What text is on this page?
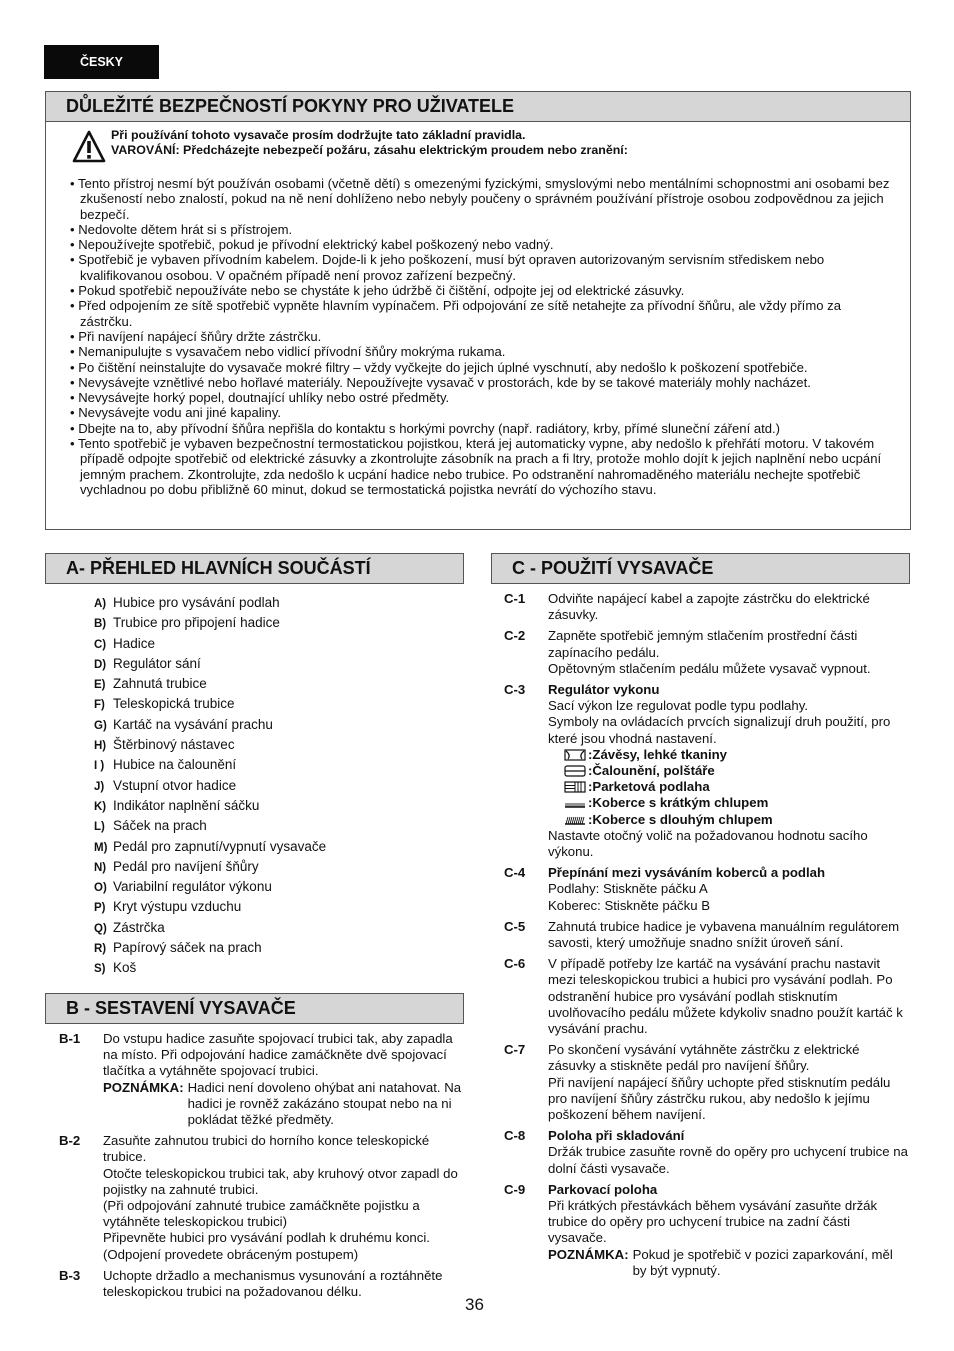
ČESKY
DŮLEŽITÉ BEZPEČNOSTÍ POKYNY PRO UŽIVATELE
Při používání tohoto vysavače prosím dodržujte tato základní pravidla.
VAROVÁNÍ: Předcházejte nebezpečí požáru, zásahu elektrickým proudem nebo zranění:
• Tento přístroj nesmí být používán osobami (včetně dětí) s omezenými fyzickými, smyslovými nebo mentálními schopnostmi ani osobami bez zkušeností nebo znalostí, pokud na ně není dohlíženo nebo nebyly poučeny o správném používání přístroje osobou zodpovědnou za jejich bezpečí.
• Nedovolte dětem hrát si s přístrojem.
• Nepoužívejte spotřebič, pokud je přívodní elektrický kabel poškozený nebo vadný.
• Spotřebič je vybaven přívodním kabelem. Dojde-li k jeho poškození, musí být opraven autorizovaným servisním střediskem nebo kvalifikovanou osobou. V opačném případě není provoz zařízení bezpečný.
• Pokud spotřebič nepoužíváte nebo se chystáte k jeho údržbě či čištění, odpojte jej od elektrické zásuvky.
• Před odpojením ze sítě spotřebič vypněte hlavním vypínačem. Při odpojování ze sítě netahejte za přívodní šňůru, ale vždy přímo za zástrčku.
• Při navíjení napájecí šňůry držte zástrčku.
• Nemanipulujte s vysavačem nebo vidlicí přívodní šňůry mokrýma rukama.
• Po čištění neinstalujte do vysavače mokré filtry – vždy vyčkejte do jejich úplné vyschnutí, aby nedošlo k poškození spotřebiče.
• Nevysávejte vznětlivé nebo hořlavé materiály. Nepoužívejte vysavač v prostorách, kde by se takové materiály mohly nacházet.
• Nevysávejte horký popel, doutnající uhlíky nebo ostré předměty.
• Nevysávejte vodu ani jiné kapaliny.
• Dbejte na to, aby přívodní šňůra nepřišla do kontaktu s horkými povrchy (např. radiátory, krby, přímé sluneční záření atd.)
• Tento spotřebič je vybaven bezpečnostní termostatickou pojistkou, která jej automaticky vypne, aby nedošlo k přehřátí motoru. V takovém případě odpojte spotřebič od elektrické zásuvky a zkontrolujte zásobník na prach a fi ltry, protože mohlo dojít k jejich naplnění nebo ucpání jemným prachem. Zkontrolujte, zda nedošlo k ucpání hadice nebo trubice. Po odstranění nahromaděného materiálu nechejte spotřebič vychladnou po dobu přibližně 60 minut, dokud se termostatická pojistka nevrátí do výchozího stavu.
A- PŘEHLED HLAVNÍCH SOUČÁSTÍ
A) Hubice pro vysávání podlah
B) Trubice pro připojení hadice
C) Hadice
D) Regulátor sání
E) Zahnutá trubice
F) Teleskopická trubice
G) Kartáč na vysávání prachu
H) Štěrbinový nástavec
I ) Hubice na čalounění
J) Vstupní otvor hadice
K) Indikátor naplnění sáčku
L) Sáček na prach
M) Pedál pro zapnutí/vypnutí vysavače
N) Pedál pro navíjení šňůry
O) Variabilní regulátor výkonu
P) Kryt výstupu vzduchu
Q) Zástrčka
R) Papírový sáček na prach
S) Koš
B - SESTAVENÍ VYSAVAČE
B-1	Do vstupu hadice zasuňte spojovací trubici tak, aby zapadla na místo. Při odpojování hadice zamáčkněte dvě spojovací tlačítka a vytáhněte spojovací trubici.
POZNÁMKA: Hadici není dovoleno ohýbat ani natahovat. Na hadici je rovněž zakázáno stoupat nebo na ni pokládat těžké předměty.
B-2	Zasuňte zahnutou trubici do horního konce teleskopické trubice.
Otočte teleskopickou trubici tak, aby kruhový otvor zapadl do pojistky na zahnuté trubici.
(Při odpojování zahnuté trubice zamáčkněte pojistku a vytáhněte teleskopickou trubici)
Připevněte hubici pro vysávání podlah k druhému konci. (Odpojení provedete obráceným postupem)
B-3	Uchopte držadlo a mechanismus vysunování a roztáhněte teleskopickou trubici na požadovanou délku.
C - POUŽITÍ VYSAVAČE
C-1	Odviňte napájecí kabel a zapojte zástrčku do elektrické zásuvky.
C-2	Zapněte spotřebič jemným stlačením prostřední části zapínacího pedálu.
Opětovným stlačením pedálu můžete vysavač vypnout.
C-3	Regulátor vykonu
Sací výkon lze regulovat podle typu podlahy.
Symboly na ovládacích prvcích signalizují druh použití, pro které jsou vhodná nastavení.
:Závěsy, lehké tkaniny
:Čalounění, polštáře
:Parketová podlaha
:Koberce s krátkým chlupem
:Koberce s dlouhým chlupem
Nastavte otočný volič na požadovanou hodnotu sacího výkonu.
C-4	Přepínání mezi vysáváním koberců a podlah
Podlahy: Stiskněte páčku A
Koberec: Stiskněte páčku B
C-5	Zahnutá trubice hadice je vybavena manuálním regulátorem savosti, který umožňuje snadno snížit úroveň sání.
C-6	V případě potřeby lze kartáč na vysávání prachu nastavit mezi teleskopickou trubici a hubici pro vysávání podlah. Po odstranění hubice pro vysávání podlah stisknutím uvolňovacího pedálu můžete kdykoliv snadno použít kartáč k vysávání prachu.
C-7	Po skončení vysávání vytáhněte zástrčku z elektrické zásuvky a stiskněte pedál pro navíjení šňůry.
Při navíjení napájecí šňůry uchopte před stisknutím pedálu pro navíjení šňůry zástrčku rukou, aby nedošlo k jejímu poškození během navíjení.
C-8	Poloha při skladování
Držák trubice zasuňte rovně do opěry pro uchycení trubice na dolní části vysavače.
C-9	Parkovací poloha
Při krátkých přestávkách během vysávání zasuňte držák trubice do opěry pro uchycení trubice na zadní části vysavače.
POZNÁMKA: Pokud je spotřebič v pozici zaparkování, měl by být vypnutý.
36
